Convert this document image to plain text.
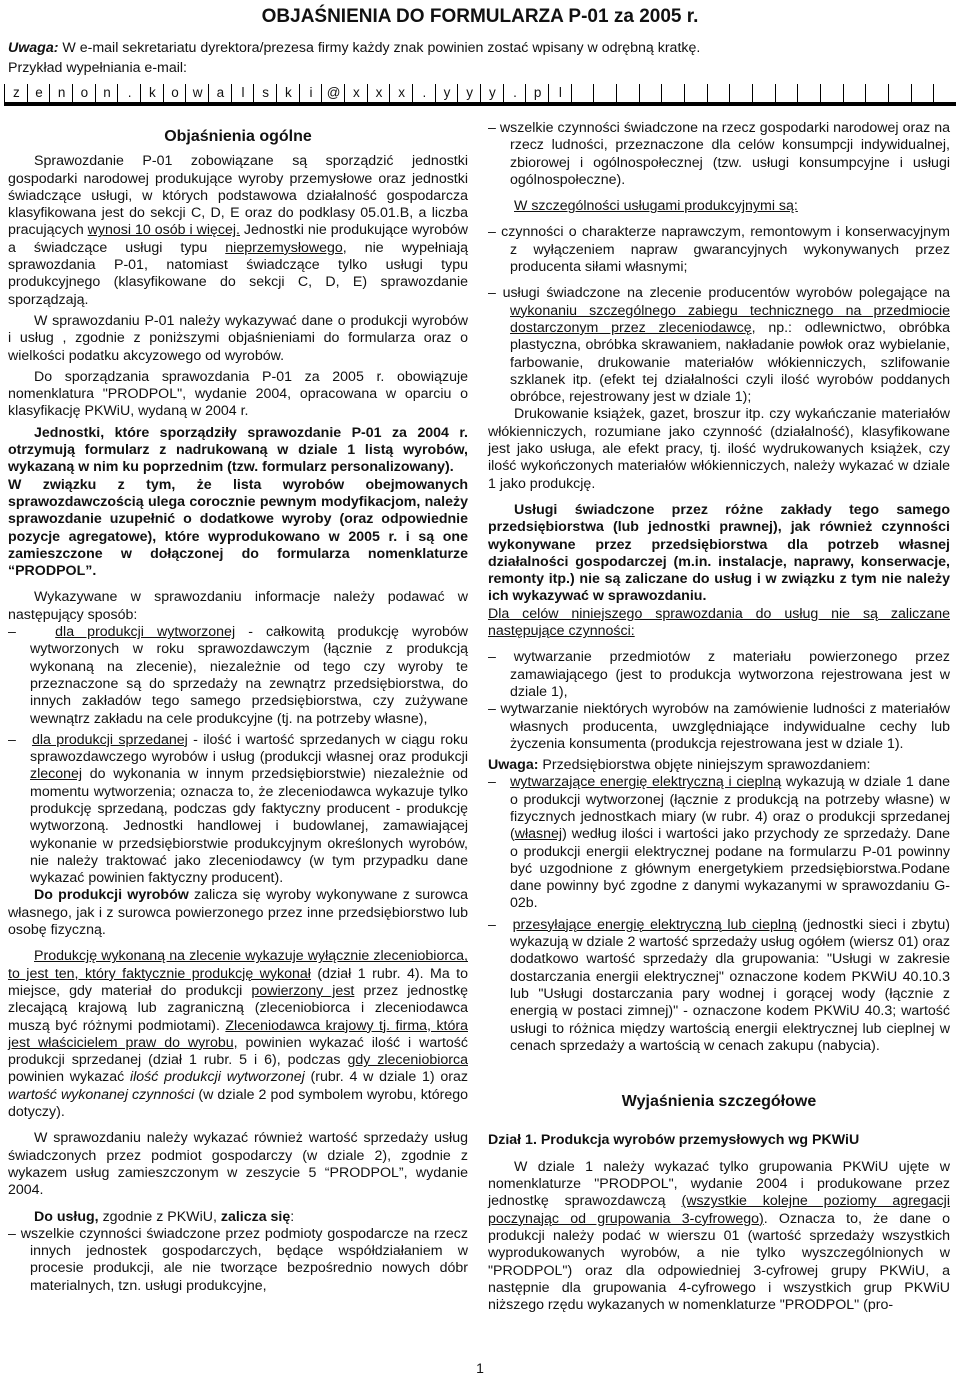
OBJAŚNIENIA DO FORMULARZA P-01 za 2005 r.
Uwaga: W e-mail sekretariatu dyrektora/prezesa firmy każdy znak powinien zostać wpisany w odrębną kratkę.
Przykład wypełniania e-mail:
z	e	n	o	n	.	k	o	w	a	l	s	k	i	@ x	x	x	.	y	y	y	.	p	l
Objaśnienia ogólne

Sprawozdanie P-01 zobowiązane są sporządzić jednostki gospodarki narodowej produkujące wyroby przemysłowe oraz jednostki świadczące usługi, w których podstawowa działalność gospodarcza klasyfikowana jest do sekcji C, D, E oraz do podklasy 05.01.B, a liczba pracujących wynosi 10 osób i więcej. Jednostki nie produkujące wyrobów a świadczące usługi typu nieprzemysłowego, nie wypełniają sprawozdania P-01, natomiast świadczące tylko usługi typu produkcyjnego (klasyfikowane do sekcji C, D, E) sprawozdanie sporządzają.

W sprawozdaniu P-01 należy wykazywać dane o produkcji wyrobów i usług , zgodnie z poniższymi objaśnieniami do formularza oraz o wielkości podatku akcyzowego od wyrobów.

Do sporządzania sprawozdania P-01 za 2005 r. obowiązuje nomenklatura "PRODPOL", wydanie 2004, opracowana w oparciu o klasyfikację PKWiU, wydaną w 2004 r.

Jednostki, które sporządziły sprawozdanie P-01 za 2004 r. otrzymują formularz z nadrukowaną w dziale 1 listą wyrobów, wykazaną w nim ku poprzednim (tzw. formularz personalizowany).

W związku z tym, że lista wyrobów obejmowanych sprawozdawczością ulega corocznie pewnym modyfikacjom, należy sprawozdanie uzupełnić o dodatkowe wyroby (oraz odpowiednie pozycje agregatowe), które wyprodukowano w 2005 r. i są one zamieszczone w dołączonej do formularza nomenklaturze “PRODPOL”.

Wykazywane w sprawozdaniu informacje należy podawać w następujący sposób:

–   dla produkcji wytworzonej - całkowitą produkcję wyrobów wytworzonych w roku sprawozdawczym (łącznie z produkcją wykonaną na zlecenie), niezależnie od tego czy wyroby te przeznaczone są do sprzedaży na zewnątrz przedsiębiorstwa, do innych zakładów tego samego przedsiębiorstwa, czy zużywane wewnątrz zakładu na cele produkcyjne (tj. na potrzeby własne),

–   dla produkcji sprzedanej - ilość i wartość sprzedanych w ciągu roku sprawozdawczego wyrobów i usług (produkcji własnej oraz produkcji zleconej do wykonania w innym przedsiębiorstwie) niezależnie od momentu wytworzenia; oznacza to, że zleceniodawca wykazuje tylko produkcję sprzedaną, podczas gdy faktyczny producent - produkcję wytworzoną. Jednostki handlowej i budowlanej, zamawiającej wykonanie w przedsiębiorstwie produkcyjnym określonych wyrobów, nie należy traktować jako zleceniodawcy (w tym przypadku dane wykazać powinien faktyczny producent).

Do produkcji wyrobów zalicza się wyroby wykonywane z surowca własnego, jak i z surowca powierzonego przez inne przedsiębiorstwo lub osobę fizyczną.

Produkcję wykonaną na zlecenie wykazuje wyłącznie zleceniobiorca, to jest ten, który faktycznie produkcję wykonał (dział 1 rubr. 4). Ma to miejsce, gdy materiał do produkcji powierzony jest przez jednostkę zlecającą krajową lub zagraniczną (zleceniobiorca i zleceniodawca muszą być różnymi podmiotami). Zleceniodawca krajowy tj. firma, która jest właścicielem praw do wyrobu, powinien wykazać ilość i wartość produkcji sprzedanej (dział 1 rubr. 5 i 6), podczas gdy zleceniobiorca powinien wykazać ilość produkcji wytworzonej (rubr. 4 w dziale 1) oraz wartość wykonanej czynności (w dziale 2 pod symbolem wyrobu, którego dotyczy).

W sprawozdaniu należy wykazać również wartość sprzedaży usług świadczonych przez podmiot gospodarczy (w dziale 2), zgodnie z wykazem usług zamieszczonym w zeszycie 5 “PRODPOL”, wydanie 2004.

Do usług, zgodnie z PKWiU, zalicza się:

– wszelkie czynności świadczone przez podmioty gospodarcze na rzecz innych jednostek gospodarczych, będące współdziałaniem w procesie produkcji, ale nie tworzące bezpośrednio nowych dóbr materialnych, tzn. usługi produkcyjne,

– wszelkie czynności świadczone na rzecz gospodarki narodowej oraz na rzecz ludności, przeznaczone dla celów konsumpcji indywidualnej, zbiorowej i ogólnospołecznej (tzw. usługi konsumpcyjne i usługi ogólnospołeczne).

W szczególności usługami produkcyjnymi są:

– czynności o charakterze naprawczym, remontowym i konserwacyjnym z wyłączeniem napraw gwarancyjnych wykonywanych przez producenta siłami własnymi;

– usługi świadczone na zlecenie producentów wyrobów polegające na wykonaniu szczególnego zabiegu technicznego na przedmiocie dostarczonym przez zleceniodawcę, np.: odlewnictwo, obróbka plastyczna, obróbka skrawaniem, nakładanie powłok oraz wybielanie, farbowanie, drukowanie materiałów włókienniczych, szlifowanie szklanek itp. (efekt tej działalności czyli ilość wyrobów poddanych obróbce, rejestrowany jest w dziale 1);

Drukowanie książek, gazet, broszur itp. czy wykańczanie materiałów włókienniczych, rozumiane jako czynność (działalność), klasyfikowane jest jako usługa, ale efekt pracy, tj. ilość wydrukowanych książek, czy ilość wykończonych materiałów włókienniczych, należy wykazać w dziale 1 jako produkcję.

Usługi świadczone przez różne zakłady tego samego przedsiębiorstwa (lub jednostki prawnej), jak również czynności wykonywane przez przedsiębiorstwa dla potrzeb własnej działalności gospodarczej (m.in. instalacje, naprawy, konserwacje, remonty itp.) nie są zaliczane do usług i w związku z tym nie należy ich wykazywać w sprawozdaniu.

Dla celów niniejszego sprawozdania do usług nie są zaliczane następujące czynności:

– wytwarzanie przedmiotów z materiału powierzonego przez zamawiającego (jest to produkcja wytworzona rejestrowana jest w dziale 1),

– wytwarzanie niektórych wyrobów na zamówienie ludności z materiałów własnych producenta, uwzględniające indywidualne cechy lub życzenia konsumenta (produkcja rejestrowana jest w dziale 1).

Uwaga: Przedsiębiorstwa objęte niniejszym sprawozdaniem:

–   wytwarzające energię elektryczną i cieplną wykazują w dziale 1 dane o produkcji wytworzonej (łącznie z produkcją na potrzeby własne) w fizycznych jednostkach miary (w rubr. 4) oraz o produkcji sprzedanej (własnej) według ilości i wartości jako przychody ze sprzedaży. Dane o produkcji energii elektrycznej podane na formularzu P-01 powinny być uzgodnione z głównym energetykiem przedsiębiorstwa.Podane dane powinny być zgodne z danymi wykazanymi w sprawozdaniu G-02b.

–   przesyłające energię elektryczną lub cieplną (jednostki sieci i zbytu) wykazują w dziale 2 wartość sprzedaży usług ogółem (wiersz 01) oraz dodatkowo wartość sprzedaży dla grupowania: "Usługi w zakresie dostarczania energii elektrycznej" oznaczone kodem PKWiU 40.10.3 lub "Usługi dostarczania pary wodnej i gorącej wody (łącznie z energią w postaci zimnej)" - oznaczone kodem PKWiU 40.3; wartość usługi to różnica między wartością energii elektrycznej lub cieplnej w cenach sprzedaży a wartością w cenach zakupu (nabycia).

Wyjaśnienia szczegółowe

Dział 1. Produkcja wyrobów przemysłowych wg PKWiU

W dziale 1 należy wykazać tylko grupowania PKWiU ujęte w nomenklaturze "PRODPOL", wydanie 2004 i produkowane przez jednostkę sprawozdawczą (wszystkie kolejne poziomy agregacji poczynając od grupowania 3-cyfrowego). Oznacza to, że dane o produkcji należy podać w wierszu 01 (wartość sprzedaży wszystkich wyprodukowanych wyrobów, a nie tylko wyszczególnionych w "PRODPOL") oraz dla odpowiedniej 3-cyfrowej grupy PKWiU, a następnie dla grupowania 4-cyfrowego i wszystkich grup PKWiU niższego rzędu wykazanych w nomenklaturze "PRODPOL" (pro-

1
